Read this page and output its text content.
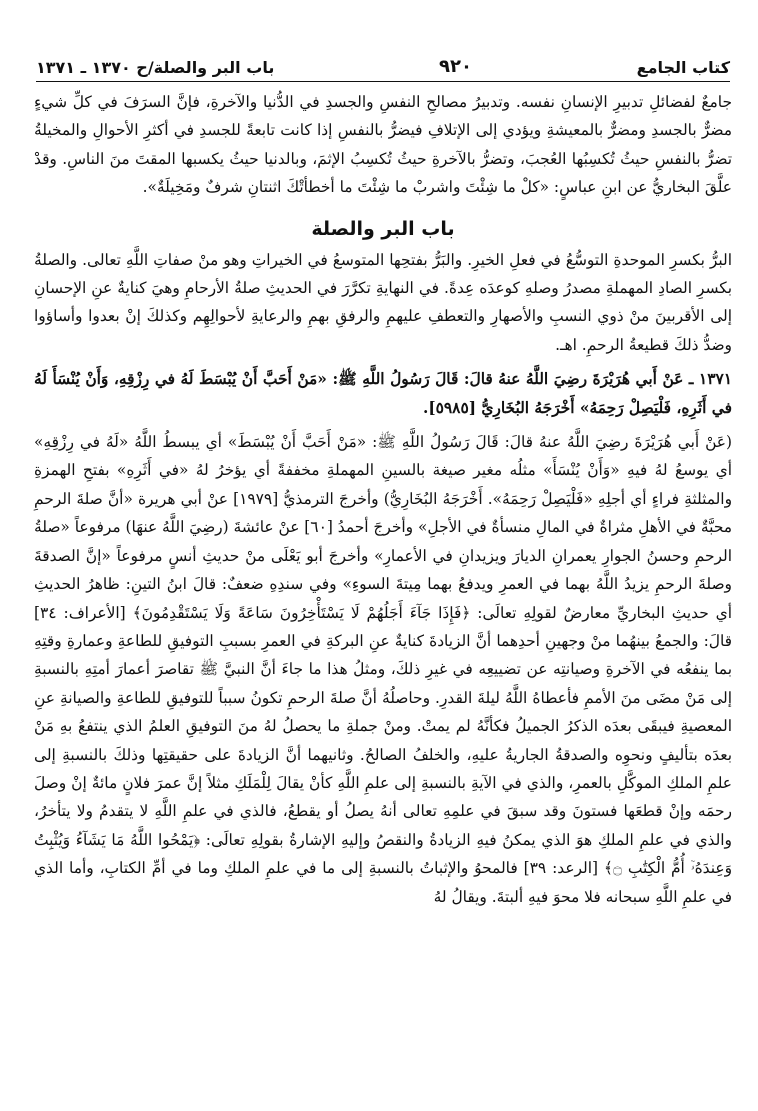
كتاب الجامع
٩٢٠
باب البر والصلة/ح ١٣٧٠ ـ ١٣٧١

جامعٌ لفضائلِ تدبيرِ الإنسانِ نفسه. وتدبيرُ مصالحِ النفسِ والجسدِ في الدُّنيا والآخرةِ، فإنَّ السرَفَ في كلِّ شيءٍ مضرٌّ بالجسدِ ومضرٌّ بالمعيشةِ ويؤدي إلى الإتلافِ فيضرُّ بالنفسِ إذا كانت تابعةً للجسدِ في أكثرِ الأحوالِ والمخيلةُ تضرُّ بالنفسِ حيثُ تُكسِبُها العُجبَ، وتضرُّ بالآخرةِ حيثُ تُكسِبُ الإثمَ، وبالدنيا حيثُ يكسبها المقتَ منَ الناسِ. وقدْ علَّقَ البخاريُّ عن ابنِ عباسٍ: «كلْ ما شِئْتَ واشربْ ما شِئْتَ ما أخطأتْكَ اثنتانِ شرفٌ ومَخِيلَةٌ».

باب البر والصلة

البرُّ بكسرِ الموحدةِ التوسُّعُ في فعلِ الخيرِ. والبَرُّ بفتحِها المتوسعُ في الخيراتِ وهو منْ صفاتِ اللَّهِ تعالى. والصلةُ بكسرِ الصادِ المهملةِ مصدرُ وصلهِ كوعدَه عِدةً. في النهايةِ تكرَّرَ في الحديثِ صلةُ الأرحامِ وهيَ كنايةٌ عنِ الإحسانِ إلى الأقربينَ منْ ذوي النسبِ والأصهارِ والتعطفِ عليهمِ والرفقِ بهمِ والرعايةِ لأحوالِهِم وكذلكَ إنْ بعدوا وأساؤوا وضدُّ ذلكَ قطيعةُ الرحمِ. اهـ.

١٣٧١ ـ عَنْ أَبي هُرَيْرَةَ رضِيَ اللَّهُ عنهُ قالَ: قَالَ رَسُولُ اللَّهِ ﷺ: «مَنْ أَحَبَّ أَنْ يُبْسَطَ لَهُ في رِزْقِهِ، وَأَنْ يُنْسَأَ لَهُ في أَثَرِهِ، فَلْيَصِلْ رَحِمَهُ» أَخْرَجَهُ البُخَارِيُّ [٥٩٨٥].

(عَنْ أَبي هُرَيْرَةَ رضِيَ اللَّهُ عنهُ قالَ: قَالَ رَسُولُ اللَّهِ ﷺ: «مَنْ أَحَبَّ أَنْ يُبْسَطَ» أي يبسطُ اللَّهُ «لَهُ في رِزْقِهِ» أي يوسعُ لهُ فيهِ «وَأَنْ يُنْسَأَ» مثلُه مغير صيغة بالسينِ المهملةِ مخففةً أي يؤخرُ لهُ «في أَثَرِهِ» بفتحِ الهمزةِ والمثلثةِ فراءٍ أي أجلِهِ «فَلْيَصِلْ رَحِمَهُ». أَخْرَجَهُ البُخَارِيُّ) وأخرجَ الترمذيُّ [١٩٧٩] عنْ أبي هريرة «أنَّ صلةَ الرحمِ محبَّةٌ في الأهلِ مثراةٌ في المالِ منسأةٌ في الأجلِ» وأخرجَ أحمدُ [٦٠] عنْ عائشةَ (رضِيَ اللَّهُ عنهَا) مرفوعاً «صلةُ الرحمِ وحسنُ الجوارِ يعمرانِ الديارَ ويزيدانِ في الأعمارِ» وأخرجَ أبو يَعْلَى منْ حديثِ أنسٍ مرفوعاً «إنَّ الصدقةَ وصلةَ الرحمِ يزيدُ اللَّهُ بهما في العمرِ ويدفعُ بهما مِيتةَ السوءِ» وفي سندِهِ ضعفٌ: قالَ ابنُ التينِ: ظاهرُ الحديثِ أي حديثِ البخاريِّ معارضٌ لقولِهِ تعالَى: ﴿فَإِذَا جَآءَ أَجَلُهُمْ لَا يَسْتَأْخِرُونَ سَاعَةً وَلَا يَسْتَقْدِمُونَ﴾ [الأعراف: ٣٤] قالَ: والجمعُ بينهُما منْ وجهينِ أحدِهما أنَّ الزيادةَ كنايةٌ عنِ البركةِ في العمرِ بسببِ التوفيقِ للطاعةِ وعمارةِ وقتِهِ بما ينفعُه في الآخرةِ وصيانتِه عن تضييعِه في غيرِ ذلكَ، ومثلُ هذا ما جاءَ أنَّ النبيَّ ﷺ تقاصرَ أعمارَ أمتِهِ بالنسبةِ إلى مَنْ مضَى منَ الأممِ فأعطاهُ اللَّهُ ليلةَ القدرِ. وحاصلُهُ أنَّ صلةَ الرحمِ تكونُ سبباً للتوفيقِ للطاعةِ والصيانةِ عنِ المعصيةِ فيبقَى بعدَه الذكرُ الجميلُ فكأنَّهُ لم يمتْ. ومنْ جملةِ ما يحصلُ لهُ منَ التوفيقِ العلمُ الذي ينتفعُ بهِ مَنْ بعدَه بتأليفٍ ونحوِه والصدقةُ الجاريةُ عليهِ، والخلفُ الصالحُ. وثانيهما أنَّ الزيادةَ على حقيقتِها وذلكَ بالنسبةِ إلى علمِ الملكِ الموكَّلِ بالعمرِ، والذي في الآيةِ بالنسبةِ إلى علمِ اللَّهِ كأنْ يقالَ لِلْمَلَكِ مثلاً إنَّ عمرَ فلانٍ مائةٌ إنْ وصلَ رحمَه وإنْ قطعَها فستونَ وقد سبقَ في علمِهِ تعالى أنهُ يصلُ أو يقطعُ، فالذي في علمِ اللَّهِ لا يتقدمُ ولا يتأخرُ، والذي في علمِ الملكِ هوَ الذي يمكنُ فيهِ الزيادةُ والنقصُ وإليهِ الإشارةُ بقولِهِ تعالَى: ﴿يَمْحُوا اللَّهُ مَا يَشَآءُ وَيُثْبِتُ وَعِندَهُۥٓ أُمُّ الْكِتَٰبِ ۝﴾ [الرعد: ٣٩] فالمحوُ والإثباتُ بالنسبةِ إلى ما في علمِ الملكِ وما في أمِّ الكتابِ، وأما الذي في علمِ اللَّهِ سبحانه فلا محوَ فيهِ ألبتةَ. ويقالُ لهُ
